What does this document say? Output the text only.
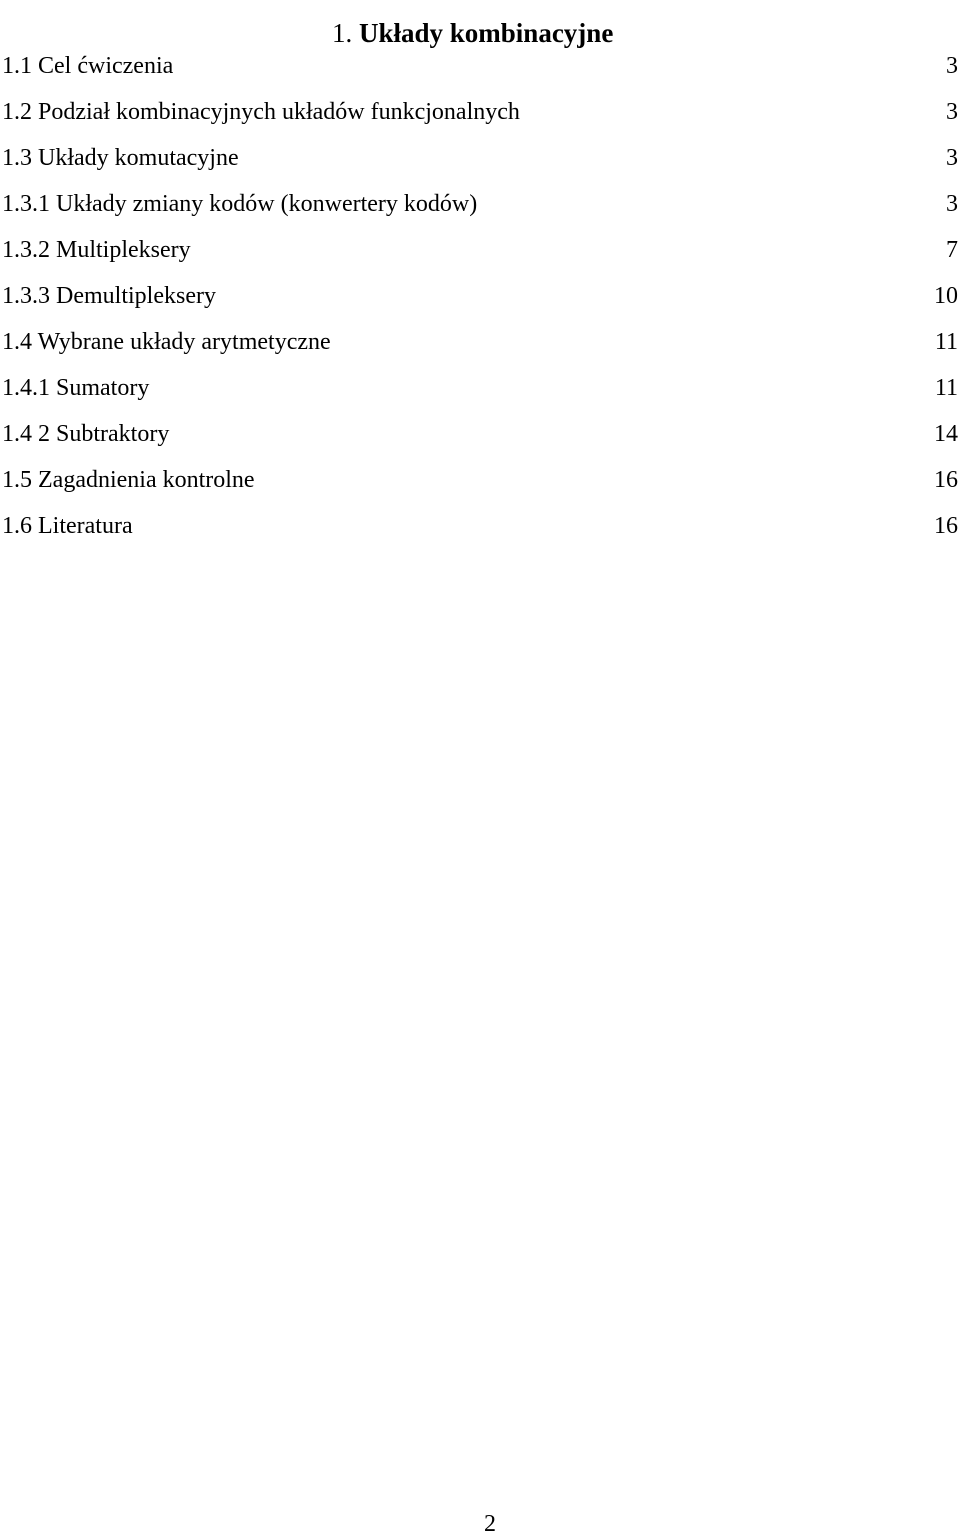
1. Układy kombinacyjne
1.1 Cel ćwiczenia	3
1.2 Podział kombinacyjnych układów funkcjonalnych	3
1.3 Układy komutacyjne	3
1.3.1 Układy zmiany kodów (konwertery kodów)	3
1.3.2 Multipleksery	7
1.3.3 Demultipleksery	10
1.4 Wybrane układy arytmetyczne	11
1.4.1 Sumatory	11
1.4 2 Subtraktory	14
1.5 Zagadnienia kontrolne	16
1.6 Literatura	16
2
